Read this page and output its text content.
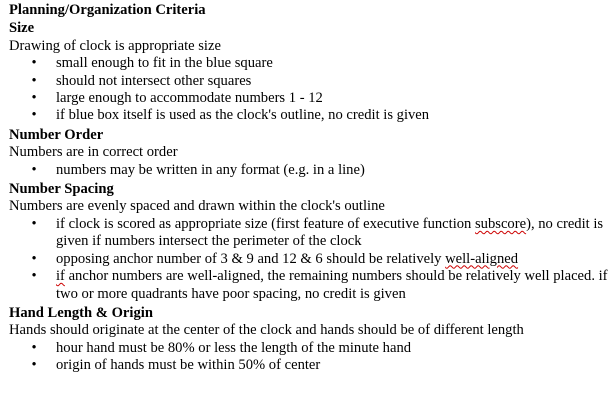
Planning/Organization Criteria
Size
Drawing of clock is appropriate size
• small enough to fit in the blue square
• should not intersect other squares
• large enough to accommodate numbers 1 - 12
• if blue box itself is used as the clock's outline, no credit is given
Number Order
Numbers are in correct order
• numbers may be written in any format (e.g. in a line)
Number Spacing
Numbers are evenly spaced and drawn within the clock's outline
• if clock is scored as appropriate size (first feature of executive function subscore), no credit is given if numbers intersect the perimeter of the clock
• opposing anchor number of 3 & 9 and 12 & 6 should be relatively well-aligned
• if anchor numbers are well-aligned, the remaining numbers should be relatively well placed. if two or more quadrants have poor spacing, no credit is given
Hand Length & Origin
Hands should originate at the center of the clock and hands should be of different length
• hour hand must be 80% or less the length of the minute hand
• origin of hands must be within 50% of center
